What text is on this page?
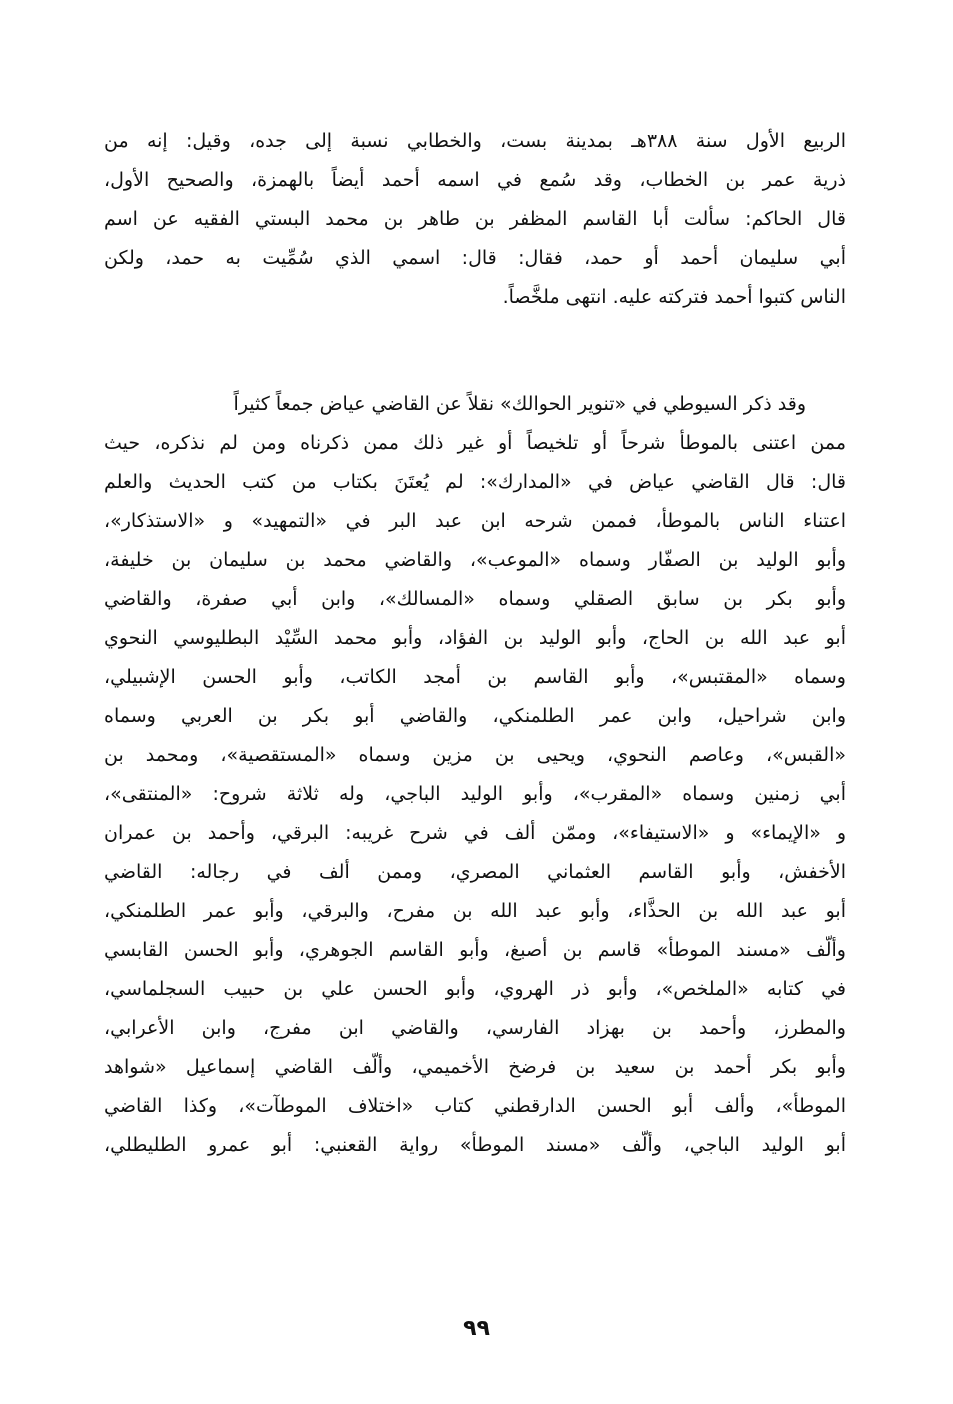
الربيع الأول سنة ٣٨٨هـ بمدينة بست، والخطابي نسبة إلى جده، وقيل: إنه من
ذرية عمر بن الخطاب، وقد سُمع في اسمه أحمد أيضاً بالهمزة، والصحيح الأول،
قال الحاكم: سألت أبا القاسم المظفر بن طاهر بن محمد البستي الفقيه عن اسم
أبي سليمان أحمد أو حمد، فقال: قال: اسمي الذي سُمِّيت به حمد، ولكن
الناس كتبوا أحمد فتركته عليه. انتهى ملخَّصاً.
وقد ذكر السيوطي في «تنوير الحوالك» نقلاً عن القاضي عياض جمعاً كثيراً
ممن اعتنى بالموطأ شرحاً أو تلخيصاً أو غير ذلك ممن ذكرناه ومن لم نذكره، حيث
قال: قال القاضي عياض في «المدارك»: لم يُعتَنَ بكتاب من كتب الحديث والعلم
اعتناء الناس بالموطأ، فممن شرحه ابن عبد البر في «التمهيد» و «الاستذكار»،
وأبو الوليد بن الصفّار وسماه «الموعب»، والقاضي محمد بن سليمان بن خليفة،
وأبو بكر بن سابق الصقلي وسماه «المسالك»، وابن أبي صفرة، والقاضي
أبو عبد الله بن الحاج، وأبو الوليد بن الفؤاد، وأبو محمد السِّيْد البطليوسي النحوي
وسماه «المقتبس»، وأبو القاسم بن أمجد الكاتب، وأبو الحسن الإشبيلي،
وابن شراحيل، وابن عمر الطلمنكي، والقاضي أبو بكر بن العربي وسماه
«القبس»، وعاصم النحوي، ويحيى بن مزين وسماه «المستقصية»، ومحمد بن
أبي زمنين وسماه «المقرب»، وأبو الوليد الباجي، وله ثلاثة شروح: «المنتقى»،
و «الإيماء» و «الاستيفاء»، وممّن ألف في شرح غريبه: البرقي، وأحمد بن عمران
الأخفش، وأبو القاسم العثماني المصري، وممن ألف في رجاله: القاضي
أبو عبد الله بن الحذَّاء، وأبو عبد الله بن مفرح، والبرقي، وأبو عمر الطلمنكي،
وألّف «مسند الموطأ» قاسم بن أصبغ، وأبو القاسم الجوهري، وأبو الحسن القابسي
في كتابه «الملخص»، وأبو ذر الهروي، وأبو الحسن علي بن حبيب السجلماسي،
والمطرز، وأحمد بن بهزاد الفارسي، والقاضي ابن مفرج، وابن الأعرابي،
وأبو بكر أحمد بن سعيد بن فرضخ الأخميمي، وألّف القاضي إسماعيل «شواهد
الموطأ»، وألف أبو الحسن الدارقطني كتاب «اختلاف الموطآت»، وكذا القاضي
أبو الوليد الباجي، وألّف «مسند الموطأ» رواية القعنبي: أبو عمرو الطليطلي،
٩٩
